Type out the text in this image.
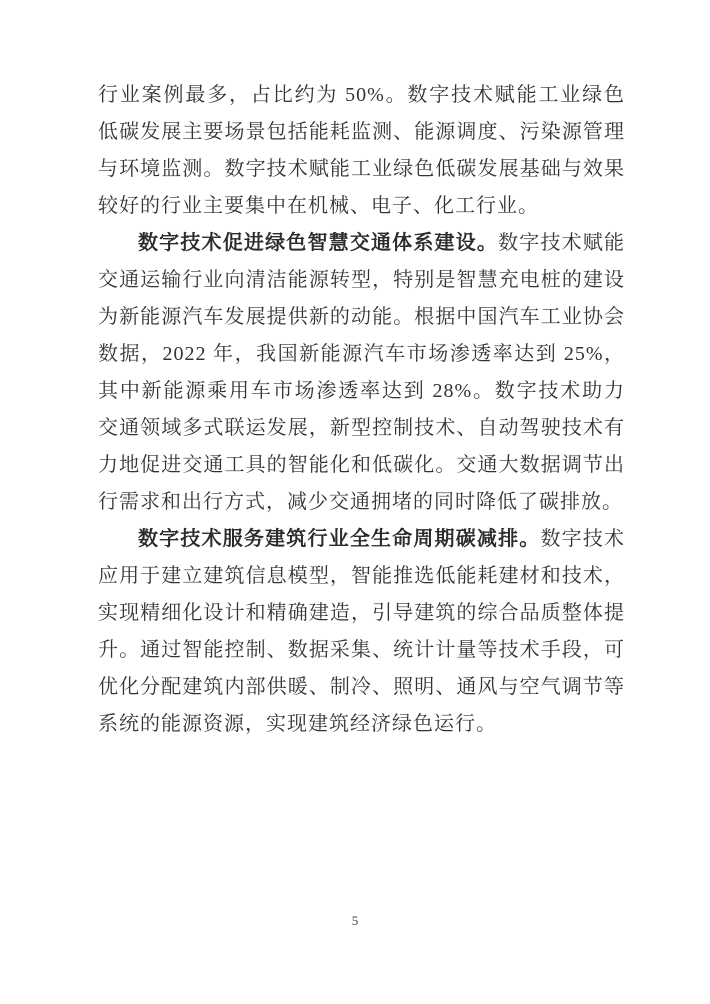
行业案例最多，占比约为 50%。数字技术赋能工业绿色低碳发展主要场景包括能耗监测、能源调度、污染源管理与环境监测。数字技术赋能工业绿色低碳发展基础与效果较好的行业主要集中在机械、电子、化工行业。

数字技术促进绿色智慧交通体系建设。数字技术赋能交通运输行业向清洁能源转型，特别是智慧充电桩的建设为新能源汽车发展提供新的动能。根据中国汽车工业协会数据，2022 年，我国新能源汽车市场渗透率达到 25%，其中新能源乘用车市场渗透率达到 28%。数字技术助力交通领域多式联运发展，新型控制技术、自动驾驶技术有力地促进交通工具的智能化和低碳化。交通大数据调节出行需求和出行方式，减少交通拥堵的同时降低了碳排放。

数字技术服务建筑行业全生命周期碳减排。数字技术应用于建立建筑信息模型，智能推选低能耗建材和技术，实现精细化设计和精确建造，引导建筑的综合品质整体提升。通过智能控制、数据采集、统计计量等技术手段，可优化分配建筑内部供暖、制冷、照明、通风与空气调节等系统的能源资源，实现建筑经济绿色运行。

5
